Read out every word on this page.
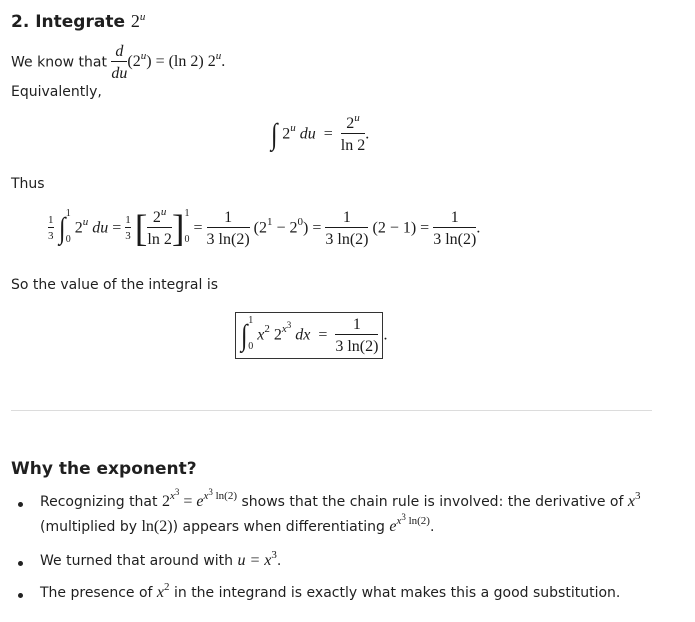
2. Integrate 2$^u$
We know that $\frac{d}{du} (2^u) = (\ln$ 2) 2$^u$.
Equivalently,
∫ 2$^u$ du = $\frac{2^u}{\ln 2}$ .
Thus
$\frac{1}{3}$ ∫ 1
0
2$^u$ du = $\frac{1}{3}$ [ $\frac{2^u}{\ln 2}$ ] 1
0
= $\frac{1}{3 \ln(2)} (2^1 - 2^0) = \frac{1}{3 \ln(2)} (2 - 1) = \frac{1}{3 \ln(2)}$ .
So the value of the integral is
∫ 1
0
$x^2$ $2^{x^3}$ dx = $\frac{1}{3 \ln(2)}$ .
Why the exponent?
Recognizing that $2^{x^3} = e^{x^3 ln(2)}$ shows that the chain rule is involved: the derivative of $x^3$
(multiplied by ln(2)) appears when differentiating $e^{x^3 ln(2)}$.
We turned that around with $u = x^3$.
The presence of $x^2$ in the integrand is exactly what makes this a good substitution.
